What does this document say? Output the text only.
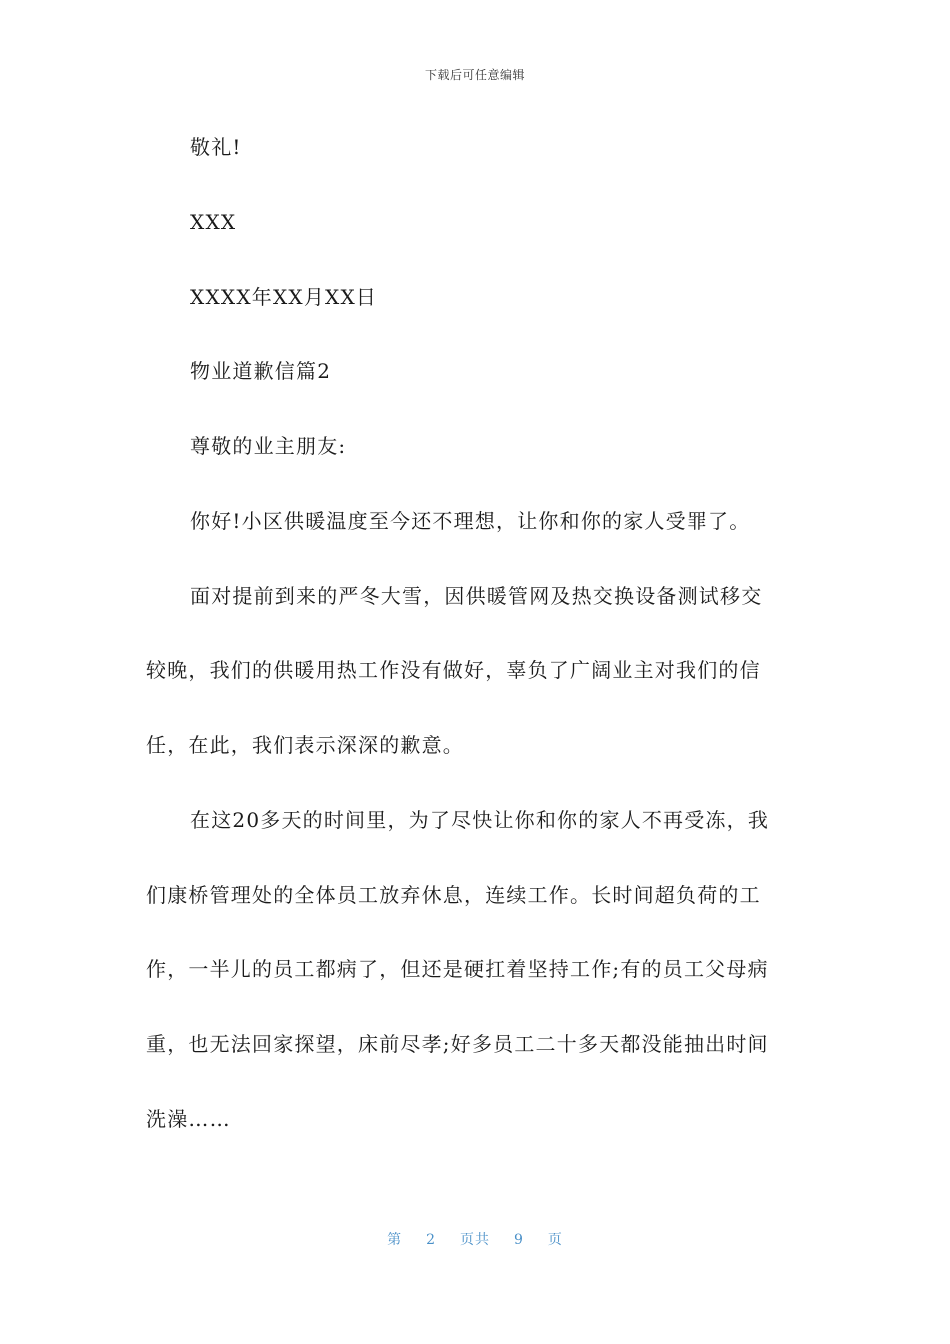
下载后可任意编辑
敬礼!
XXX
XXXX年XX月XX日
物业道歉信篇2
尊敬的业主朋友:
你好!小区供暖温度至今还不理想，让你和你的家人受罪了。
面对提前到来的严冬大雪，因供暖管网及热交换设备测试移交
较晚，我们的供暖用热工作没有做好，辜负了广阔业主对我们的信
任，在此，我们表示深深的歉意。
在这20多天的时间里，为了尽快让你和你的家人不再受冻，我
们康桥管理处的全体员工放弃休息，连续工作。长时间超负荷的工
作，一半儿的员工都病了，但还是硬扛着坚持工作;有的员工父母病
重，也无法回家探望，床前尽孝;好多员工二十多天都没能抽出时间
洗澡……
第 2 页共 9 页
